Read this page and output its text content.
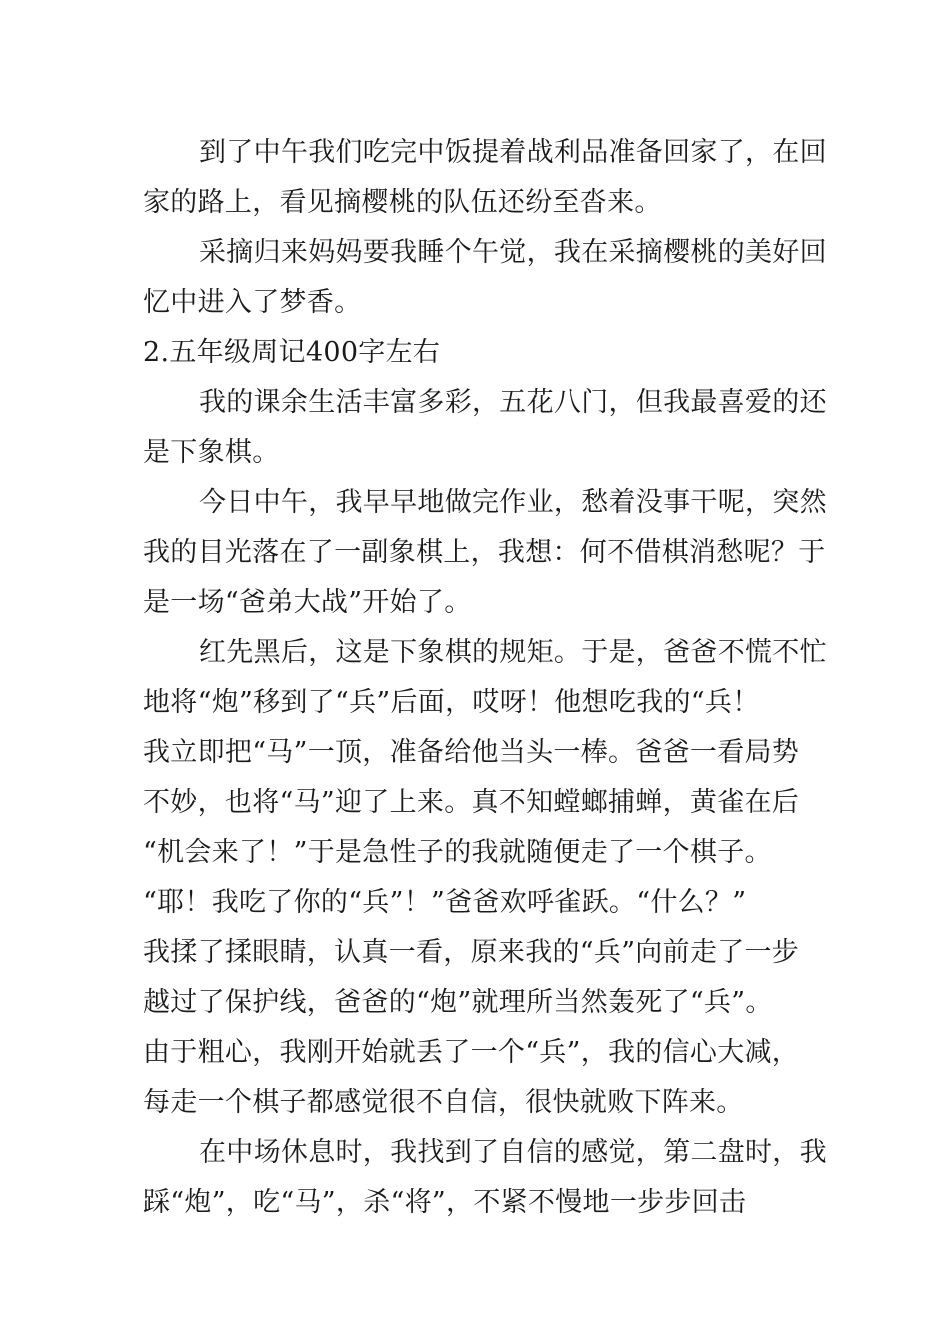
到了中午我们吃完中饭提着战利品准备回家了，在回
家的路上，看见摘樱桃的队伍还纷至沓来。
采摘归来妈妈要我睡个午觉，我在采摘樱桃的美好回
忆中进入了梦香。
2.五年级周记400字左右
我的课余生活丰富多彩，五花八门，但我最喜爱的还
是下象棋。
今日中午，我早早地做完作业，愁着没事干呢，突然
我的目光落在了一副象棋上，我想：何不借棋消愁呢？于
是一场“爸弟大战”开始了。
红先黑后，这是下象棋的规矩。于是，爸爸不慌不忙
地将“炮”移到了“兵”后面，哎呀！他想吃我的“兵！
我立即把“马”一顶，准备给他当头一棒。爸爸一看局势
不妙，也将“马”迎了上来。真不知螳螂捕蝉，黄雀在后
“机会来了！”于是急性子的我就随便走了一个棋子。
“耶！我吃了你的“兵”！”爸爸欢呼雀跃。“什么？”
我揉了揉眼睛，认真一看，原来我的“兵”向前走了一步
越过了保护线，爸爸的“炮”就理所当然轰死了“兵”。
由于粗心，我刚开始就丢了一个“兵”，我的信心大减，
每走一个棋子都感觉很不自信，很快就败下阵来。
在中场休息时，我找到了自信的感觉，第二盘时，我
踩“炮”，吃“马”，杀“将”，不紧不慢地一步步回击
